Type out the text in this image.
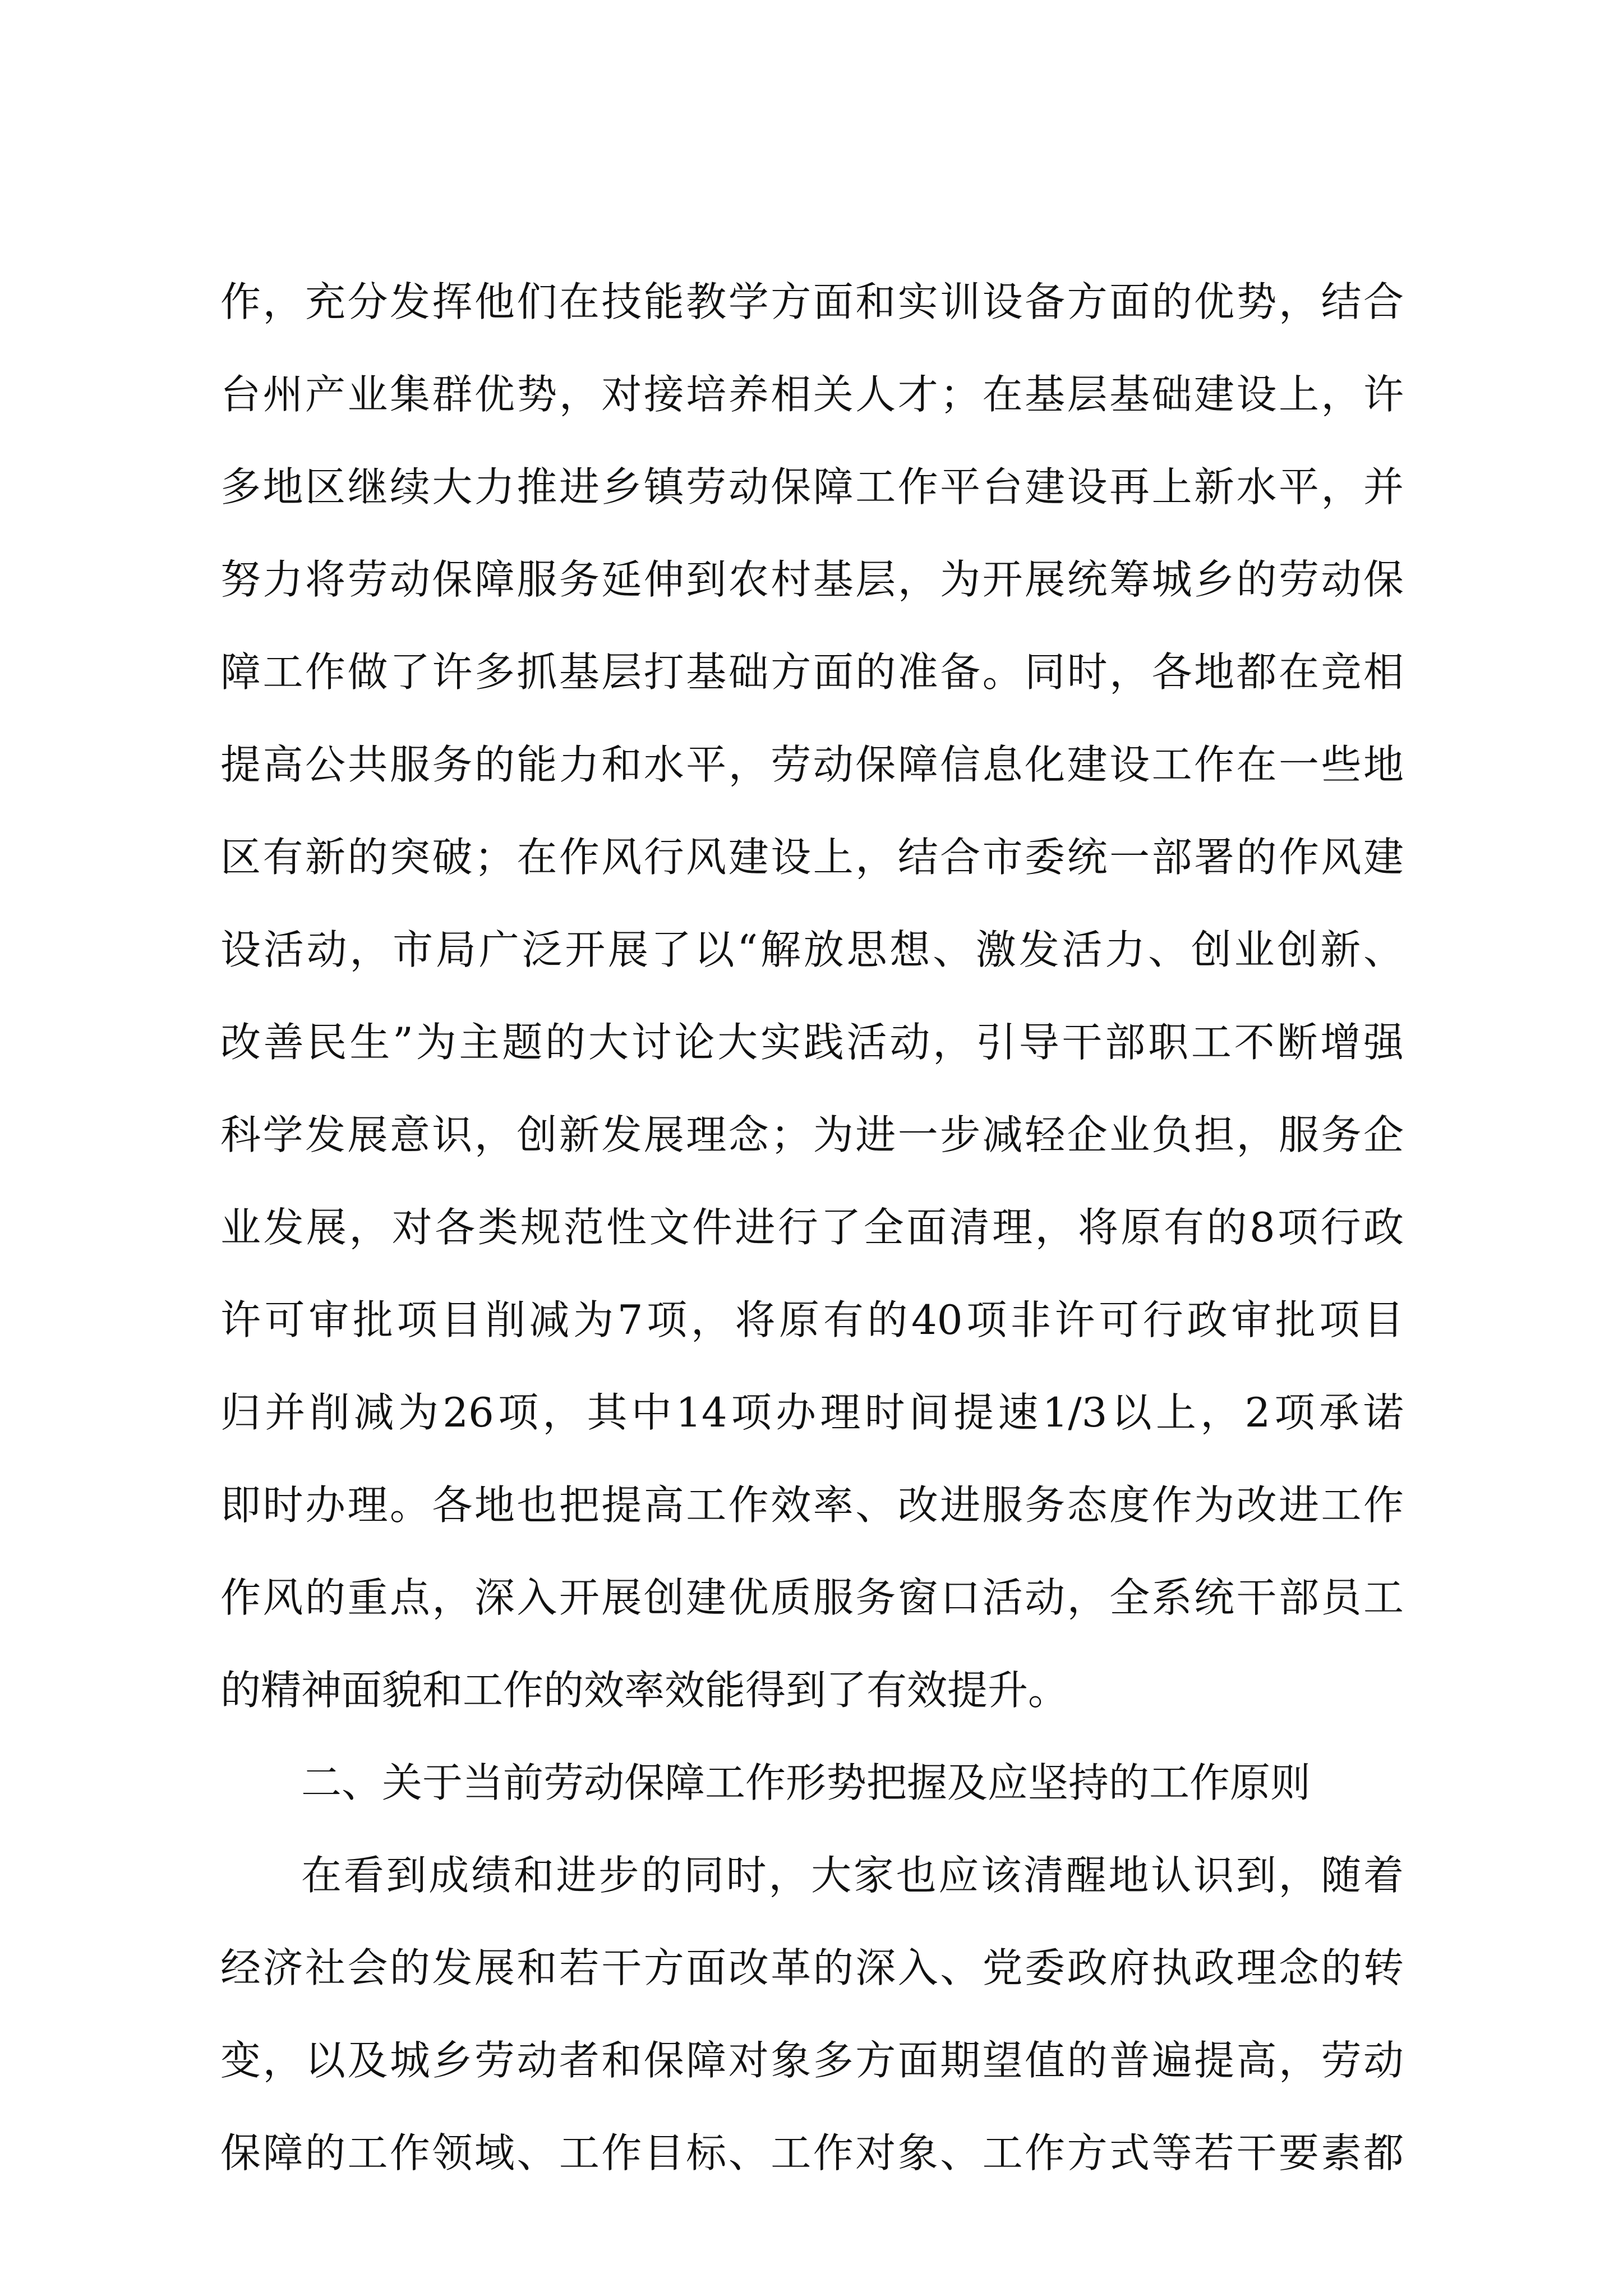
作，充分发挥他们在技能教学方面和实训设备方面的优势，结合

台州产业集群优势，对接培养相关人才；在基层基础建设上，许

多地区继续大力推进乡镇劳动保障工作平台建设再上新水平，并

努力将劳动保障服务延伸到农村基层，为开展统筹城乡的劳动保

障工作做了许多抓基层打基础方面的准备。同时，各地都在竞相

提高公共服务的能力和水平，劳动保障信息化建设工作在一些地

区有新的突破；在作风行风建设上，结合市委统一部署的作风建

设活动，市局广泛开展了以“解放思想、激发活力、创业创新、

改善民生”为主题的大讨论大实践活动，引导干部职工不断增强

科学发展意识，创新发展理念；为进一步减轻企业负担，服务企

业发展，对各类规范性文件进行了全面清理，将原有的8项行政

许可审批项目削减为7项，将原有的40项非许可行政审批项目

归并削减为26项，其中14项办理时间提速1/3以上，2项承诺

即时办理。各地也把提高工作效率、改进服务态度作为改进工作

作风的重点，深入开展创建优质服务窗口活动，全系统干部员工

的精神面貌和工作的效率效能得到了有效提升。

二、关于当前劳动保障工作形势把握及应坚持的工作原则

在看到成绩和进步的同时，大家也应该清醒地认识到，随着

经济社会的发展和若干方面改革的深入、党委政府执政理念的转

变，以及城乡劳动者和保障对象多方面期望值的普遍提高，劳动

保障的工作领域、工作目标、工作对象、工作方式等若干要素都
